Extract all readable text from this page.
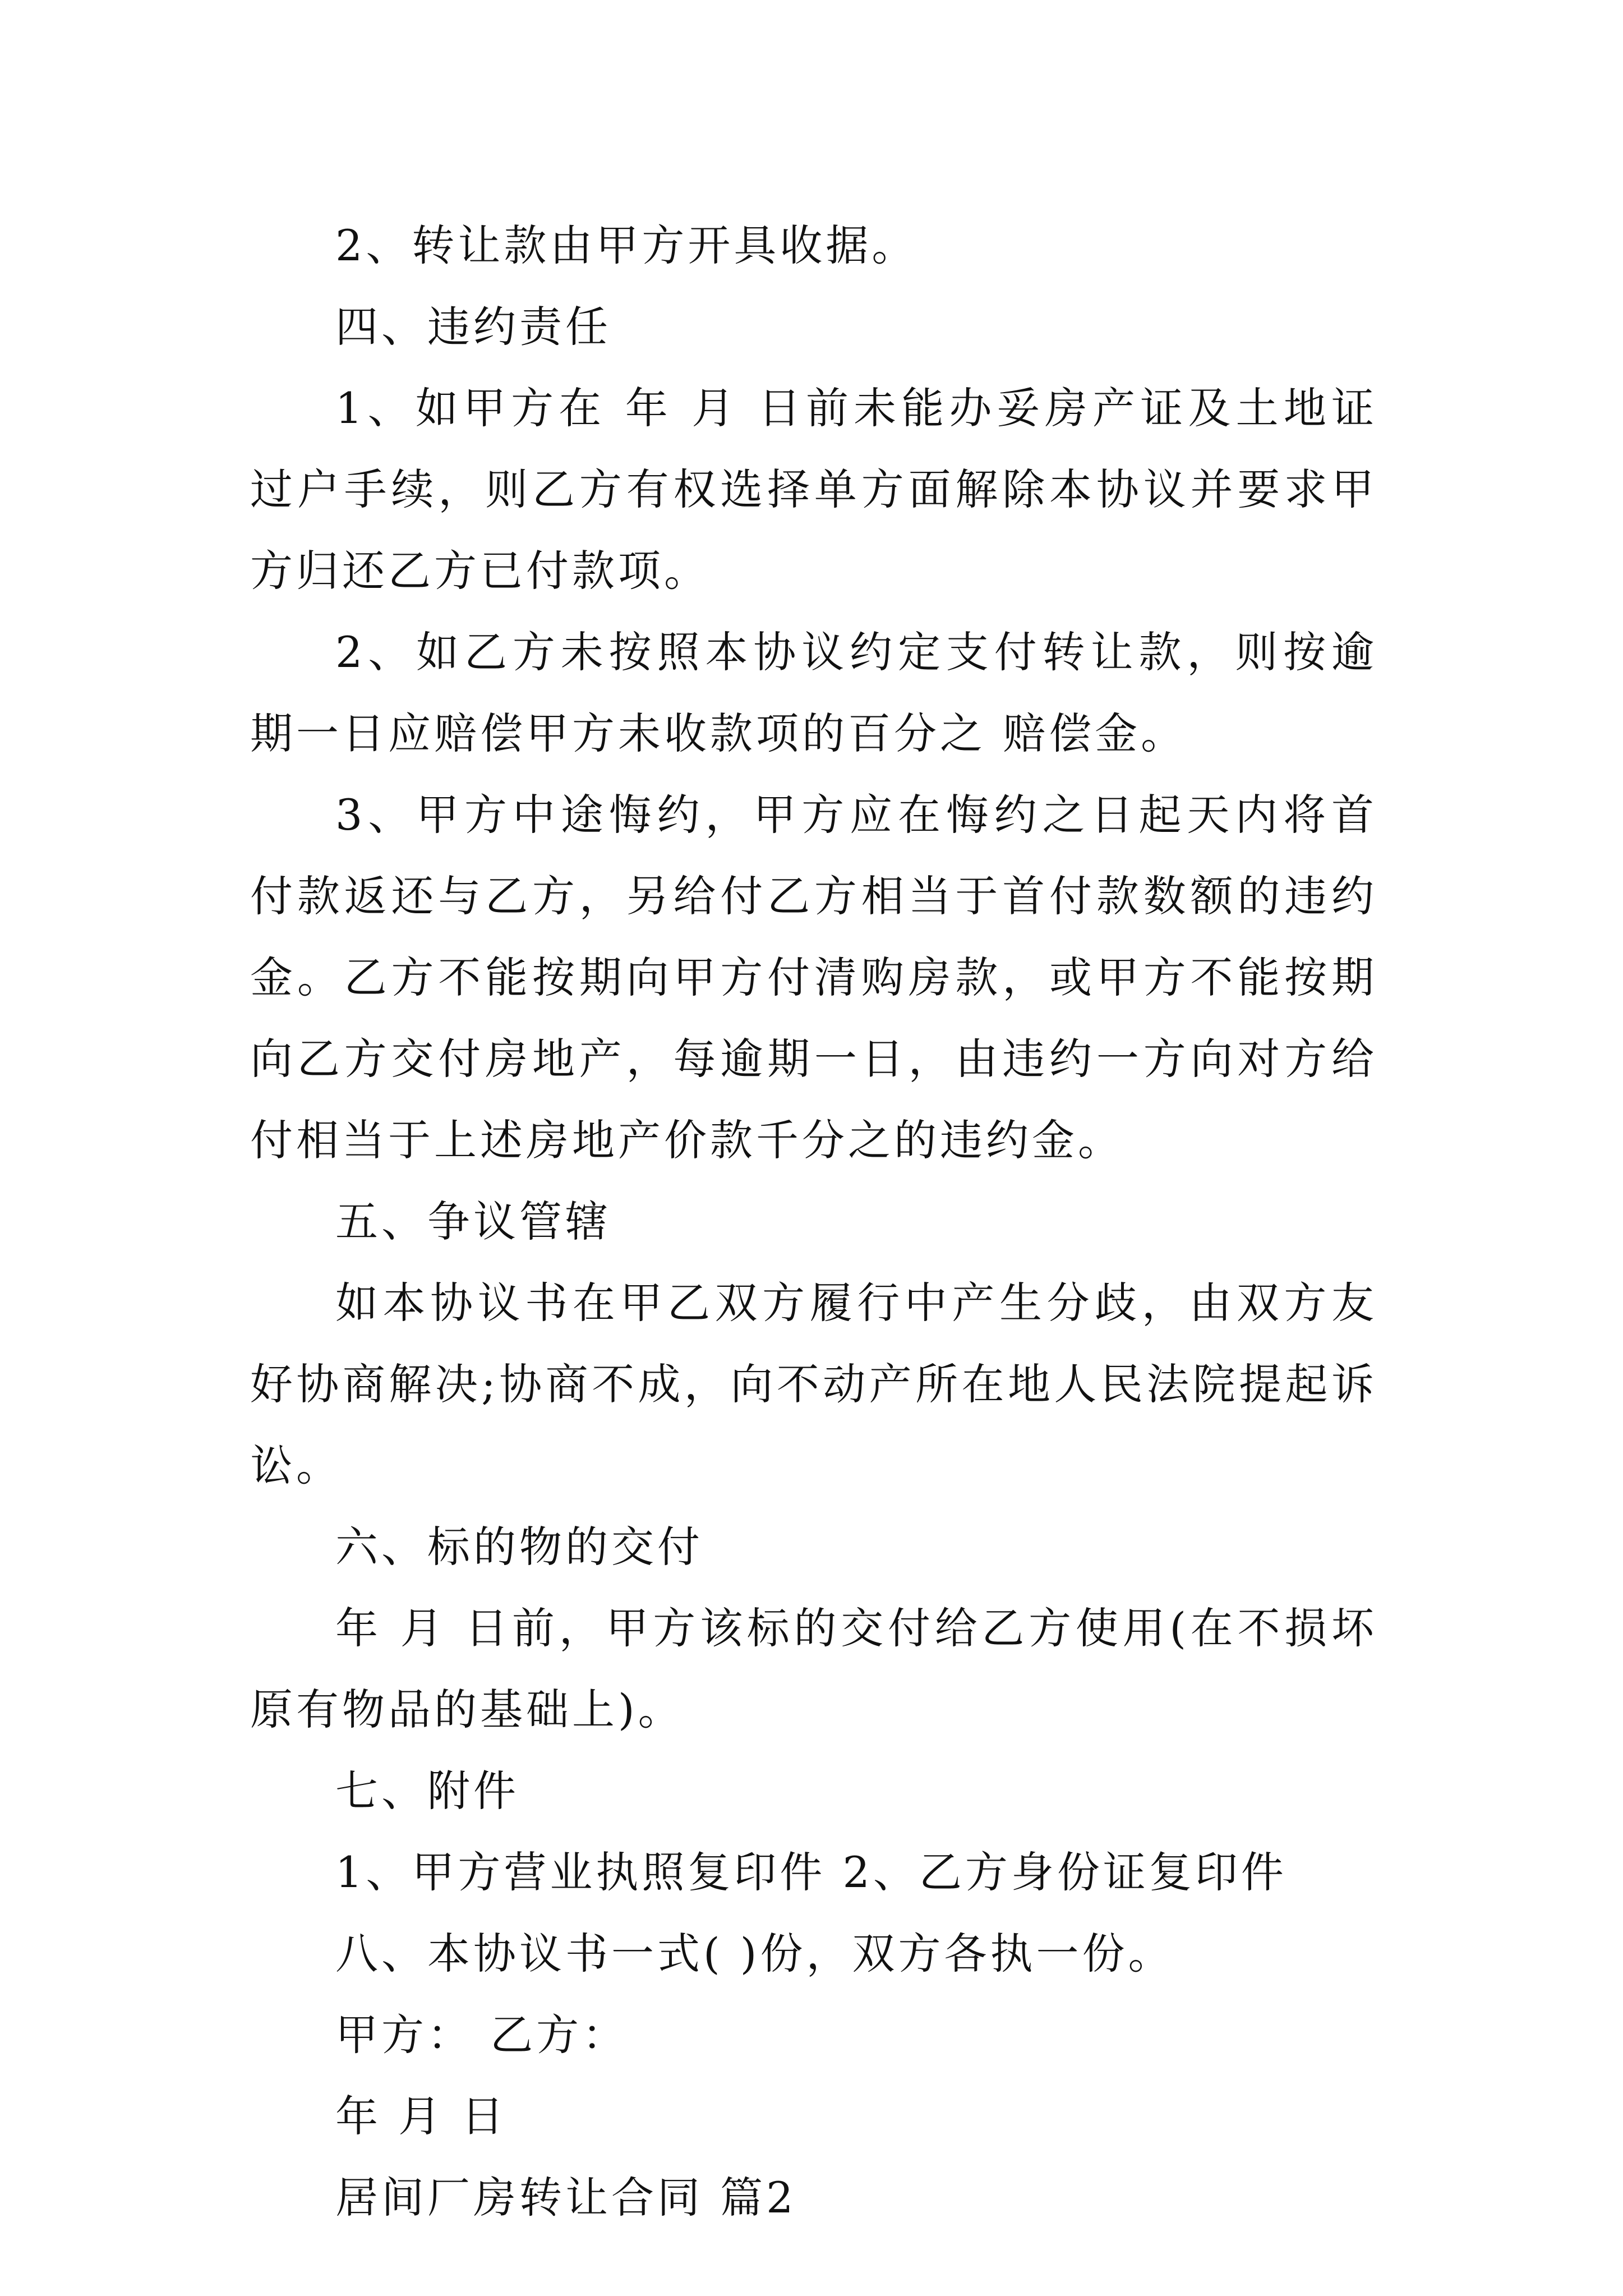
2、转让款由甲方开具收据。

四、违约责任

1、如甲方在 年 月 日前未能办妥房产证及土地证过户手续，则乙方有权选择单方面解除本协议并要求甲方归还乙方已付款项。

2、如乙方未按照本协议约定支付转让款，则按逾期一日应赔偿甲方未收款项的百分之 赔偿金。

3、甲方中途悔约，甲方应在悔约之日起天内将首付款返还与乙方，另给付乙方相当于首付款数额的违约金。乙方不能按期向甲方付清购房款，或甲方不能按期向乙方交付房地产，每逾期一日，由违约一方向对方给付相当于上述房地产价款千分之的违约金。

五、争议管辖

如本协议书在甲乙双方履行中产生分歧，由双方友好协商解决;协商不成，向不动产所在地人民法院提起诉讼。

六、标的物的交付

年 月 日前，甲方该标的交付给乙方使用(在不损坏原有物品的基础上)。

七、附件

1、甲方营业执照复印件 2、乙方身份证复印件

八、本协议书一式( )份，双方各执一份。

甲方： 乙方：

年 月 日

居间厂房转让合同 篇2
